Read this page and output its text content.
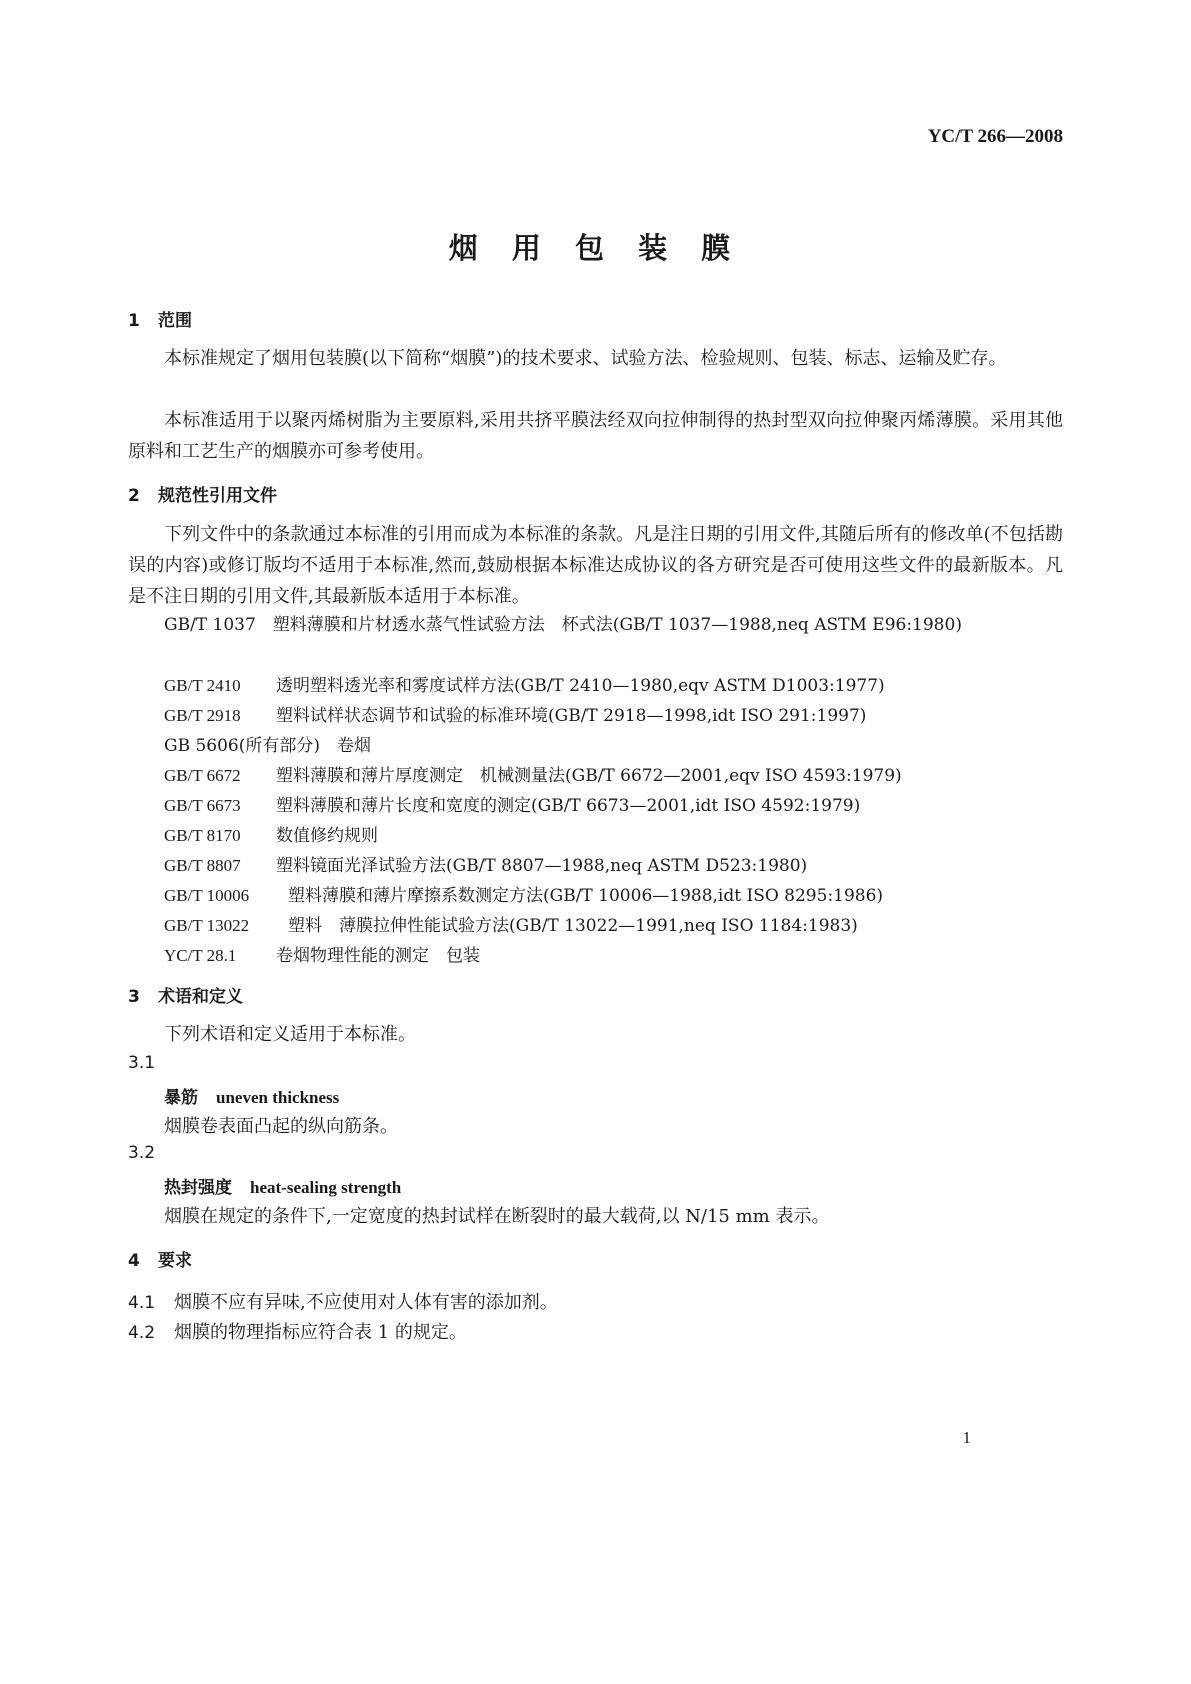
YC/T 266—2008
烟 用 包 装 膜
1 范围
本标准规定了烟用包装膜(以下简称“烟膜”)的技术要求、试验方法、检验规则、包装、标志、运输及贮存。
本标准适用于以聚丙烯树脂为主要原料,采用共挤平膜法经双向拉伸制得的热封型双向拉伸聚丙烯薄膜。采用其他原料和工艺生产的烟膜亦可参考使用。
2 规范性引用文件
下列文件中的条款通过本标准的引用而成为本标准的条款。凡是注日期的引用文件,其随后所有的修改单(不包括勘误的内容)或修订版均不适用于本标准,然而,鼓励根据本标准达成协议的各方研究是否可使用这些文件的最新版本。凡是不注日期的引用文件,其最新版本适用于本标准。
GB/T 1037　 塑料薄膜和片材透水蒸气性试验方法　杯式法(GB/T 1037—1988,neq ASTM E96:1980)
GB/T 2410 透明塑料透光率和雾度试样方法(GB/T 2410—1980,eqv ASTM D1003:1977)
GB/T 2918 塑料试样状态调节和试验的标准环境(GB/T 2918—1998,idt ISO 291:1997)
GB 5606(所有部分)　 卷烟
GB/T 6672 塑料薄膜和薄片厚度测定　机械测量法(GB/T 6672—2001,eqv ISO 4593:1979)
GB/T 6673 塑料薄膜和薄片长度和宽度的测定(GB/T 6673—2001,idt ISO 4592:1979)
GB/T 8170 数值修约规则
GB/T 8807 塑料镜面光泽试验方法(GB/T 8807—1988,neq ASTM D523:1980)
GB/T 10006 塑料薄膜和薄片摩擦系数测定方法(GB/T 10006—1988,idt ISO 8295:1986)
GB/T 13022 塑料　薄膜拉伸性能试验方法(GB/T 13022—1991,neq ISO 1184:1983)
YC/T 28.1 卷烟物理性能的测定　包装
3 术语和定义
下列术语和定义适用于本标准。
3.1
暴筋 uneven thickness
烟膜卷表面凸起的纵向筋条。
3.2
热封强度 heat-sealing strength
烟膜在规定的条件下,一定宽度的热封试样在断裂时的最大载荷,以 N/15 mm 表示。
4 要求
4.1 烟膜不应有异味,不应使用对人体有害的添加剂。
4.2 烟膜的物理指标应符合表 1 的规定。
1
